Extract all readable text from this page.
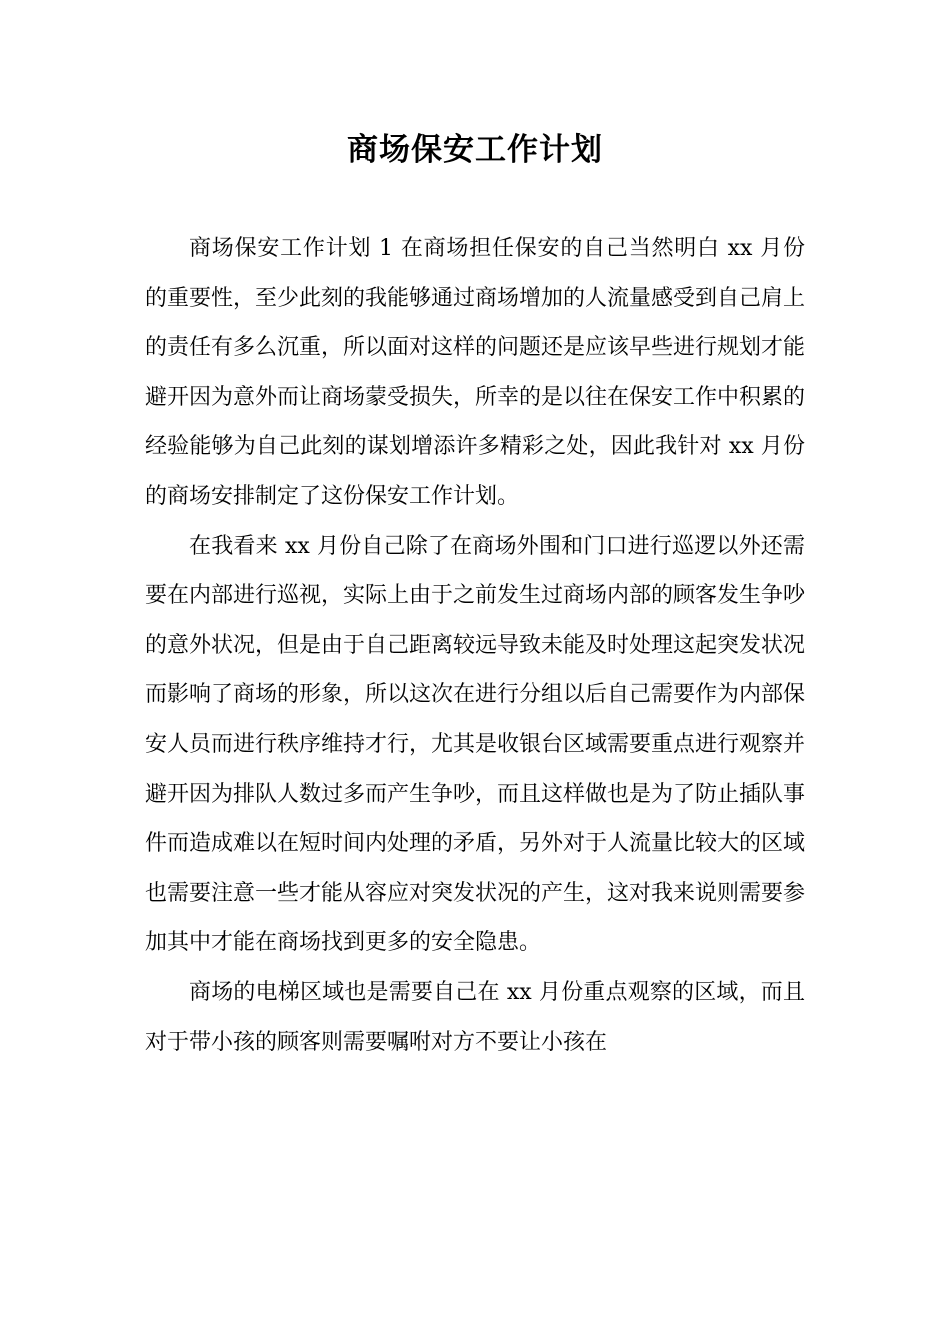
商场保安工作计划

商场保安工作计划 1 在商场担任保安的自己当然明白 xx 月份的重要性，至少此刻的我能够通过商场增加的人流量感受到自己肩上的责任有多么沉重，所以面对这样的问题还是应该早些进行规划才能避开因为意外而让商场蒙受损失，所幸的是以往在保安工作中积累的经验能够为自己此刻的谋划增添许多精彩之处，因此我针对 xx 月份的商场安排制定了这份保安工作计划。

在我看来 xx 月份自己除了在商场外围和门口进行巡逻以外还需要在内部进行巡视，实际上由于之前发生过商场内部的顾客发生争吵的意外状况，但是由于自己距离较远导致未能及时处理这起突发状况而影响了商场的形象，所以这次在进行分组以后自己需要作为内部保安人员而进行秩序维持才行，尤其是收银台区域需要重点进行观察并避开因为排队人数过多而产生争吵，而且这样做也是为了防止插队事件而造成难以在短时间内处理的矛盾，另外对于人流量比较大的区域也需要注意一些才能从容应对突发状况的产生，这对我来说则需要参加其中才能在商场找到更多的安全隐患。

商场的电梯区域也是需要自己在 xx 月份重点观察的区域，而且对于带小孩的顾客则需要嘱咐对方不要让小孩在
